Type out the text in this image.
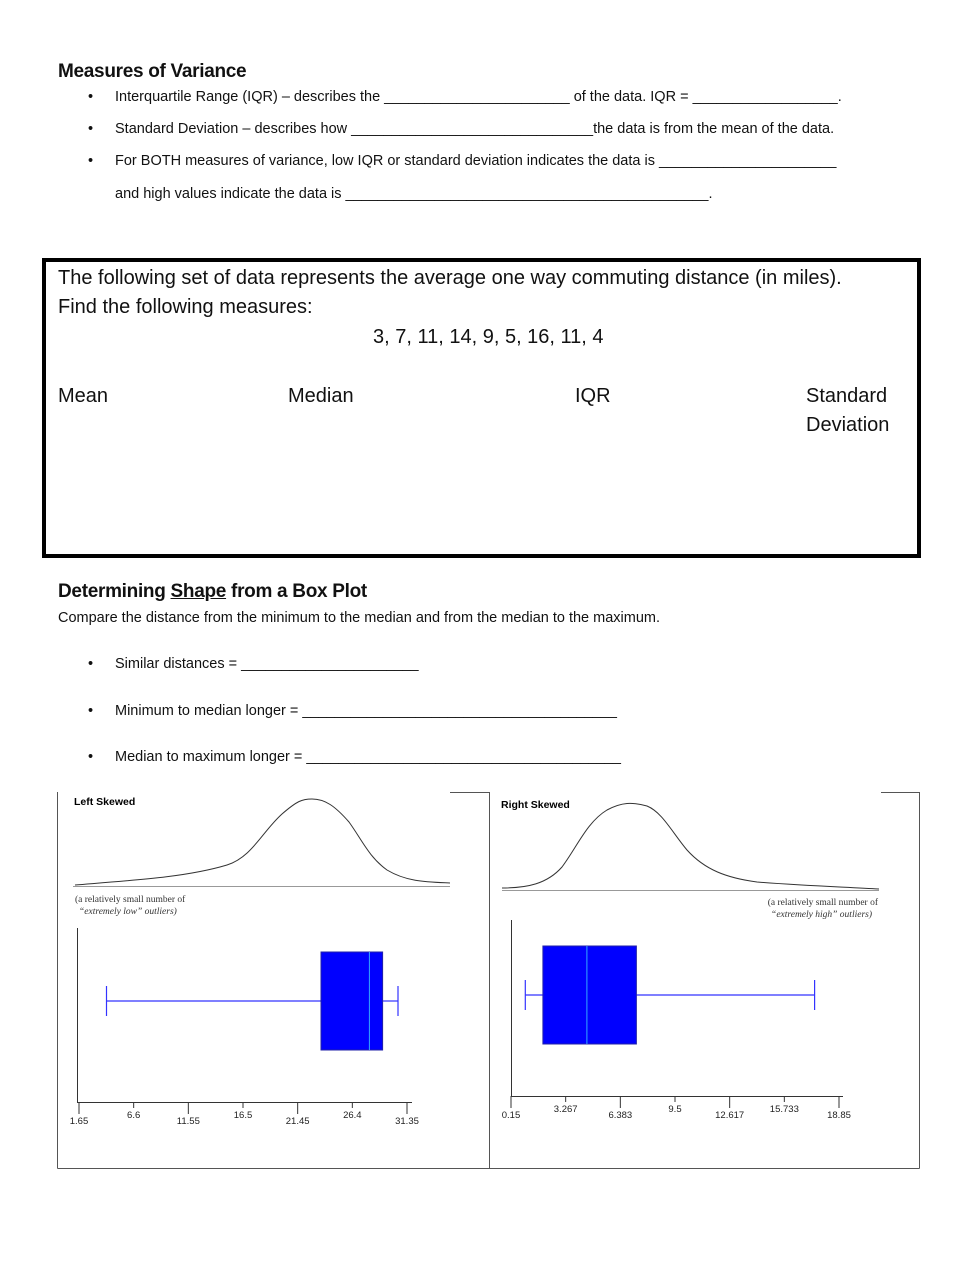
Measures of Variance
• Interquartile Range (IQR) – describes the _______________________ of the data. IQR = __________________.
• Standard Deviation – describes how ______________________________the data is from the mean of the data.
• For BOTH measures of variance, low IQR or standard deviation indicates the data is ______________________
and high values indicate the data is _____________________________________________.
The following set of data represents the average one way commuting distance (in miles).
Find the following measures:
3, 7, 11, 14, 9, 5, 16, 11, 4
Mean	Median	IQR	Standard
Deviation
Determining Shape from a Box Plot
Compare the distance from the minimum to the median and from the median to the maximum.
• Similar distances = ______________________
• Minimum to median longer = _______________________________________
• Median to maximum longer = _______________________________________
Left Skewed
(a relatively small number of
“extremely low” outliers)
1.65
6.6
11.55
16.5
21.45
26.4
31.35
Right Skewed
(a relatively small number of
“extremely high” outliers)
0.15
3.267
6.383
9.5
12.617
15.733
18.85
